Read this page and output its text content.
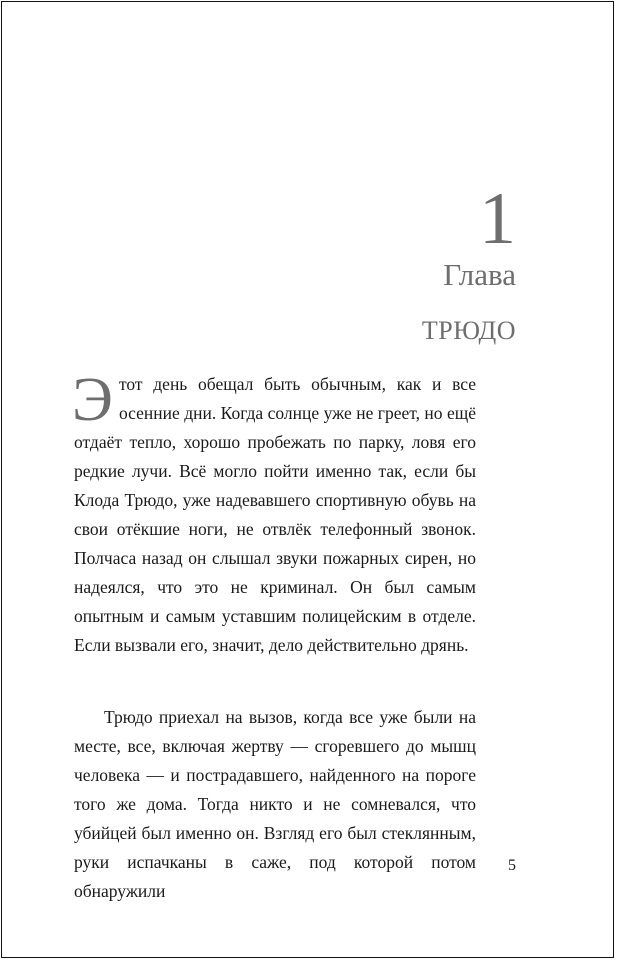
1
Глава
ТРЮДО
Этот день обещал быть обычным, как и все осенние дни. Когда солнце уже не греет, но ещё отдаёт тепло, хорошо пробежать по парку, ловя его редкие лучи. Всё могло пойти именно так, если бы Клода Трюдо, уже надевавшего спортивную обувь на свои отёкшие ноги, не отвлёк телефонный звонок. Полчаса назад он слышал звуки пожарных сирен, но надеялся, что это не криминал. Он был самым опытным и самым уставшим полицейским в отделе. Если вызвали его, значит, дело действительно дрянь.
Трюдо приехал на вызов, когда все уже были на месте, все, включая жертву — сгоревшего до мышц человека — и пострадавшего, найденного на пороге того же дома. Тогда никто и не сомневался, что убийцей был именно он. Взгляд его был стеклянным, руки испачканы в саже, под которой потом обнаружили
5
